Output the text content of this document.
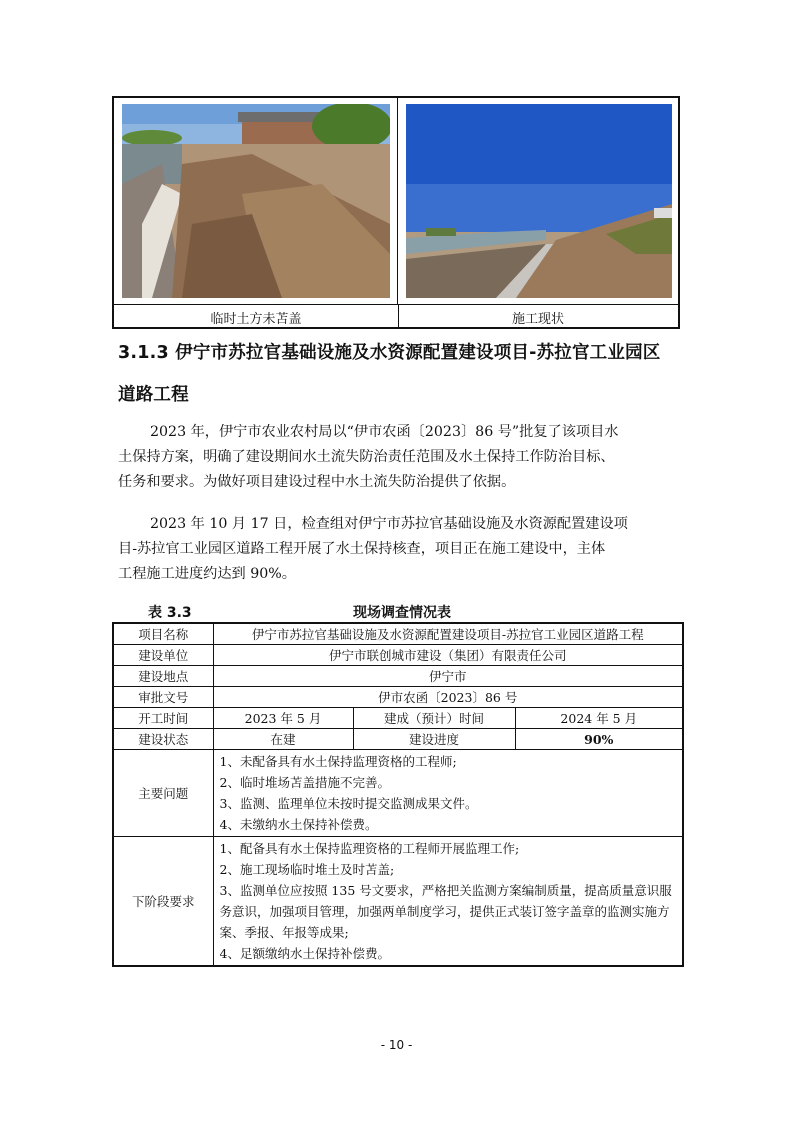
临时土方未苫盖	施工现状
3.1.3 伊宁市苏拉官基础设施及水资源配置建设项目-苏拉官工业园区
道路工程

2023 年，伊宁市农业农村局以“伊市农函〔2023〕86 号”批复了该项目水

土保持方案，明确了建设期间水土流失防治责任范围及水土保持工作防治目标、

任务和要求。为做好项目建设过程中水土流失防治提供了依据。

2023 年 10 月 17 日，检查组对伊宁市苏拉官基础设施及水资源配置建设项

目-苏拉官工业园区道路工程开展了水土保持核查，项目正在施工建设中，主体

工程施工进度约达到 90%。

表 3.3	现场调查情况表
项目名称	伊宁市苏拉官基础设施及水资源配置建设项目-苏拉官工业园区道路工程		
建设单位	伊宁市联创城市建设（集团）有限责任公司		
建设地点	伊宁市		
审批文号	伊市农函〔2023〕86 号		
开工时间	2023 年 5 月	建成（预计）时间	2024 年 5 月
建设状态	在建	建设进度	90%
主要问题	1、未配备具有水土保持监理资格的工程师;
2、临时堆场苫盖措施不完善。
3、监测、监理单位未按时提交监测成果文件。
4、未缴纳水土保持补偿费。		

下阶段要求	1、配备具有水土保持监理资格的工程师开展监理工作;
2、施工现场临时堆土及时苫盖;
3、监测单位应按照 135 号文要求，严格把关监测方案编制质量，提高质量意识服务意识，加强项目管理，加强两单制度学习，提供正式装订签字盖章的监测实施方案、季报、年报等成果;
4、足额缴纳水土保持补偿费。		
- 10 -
